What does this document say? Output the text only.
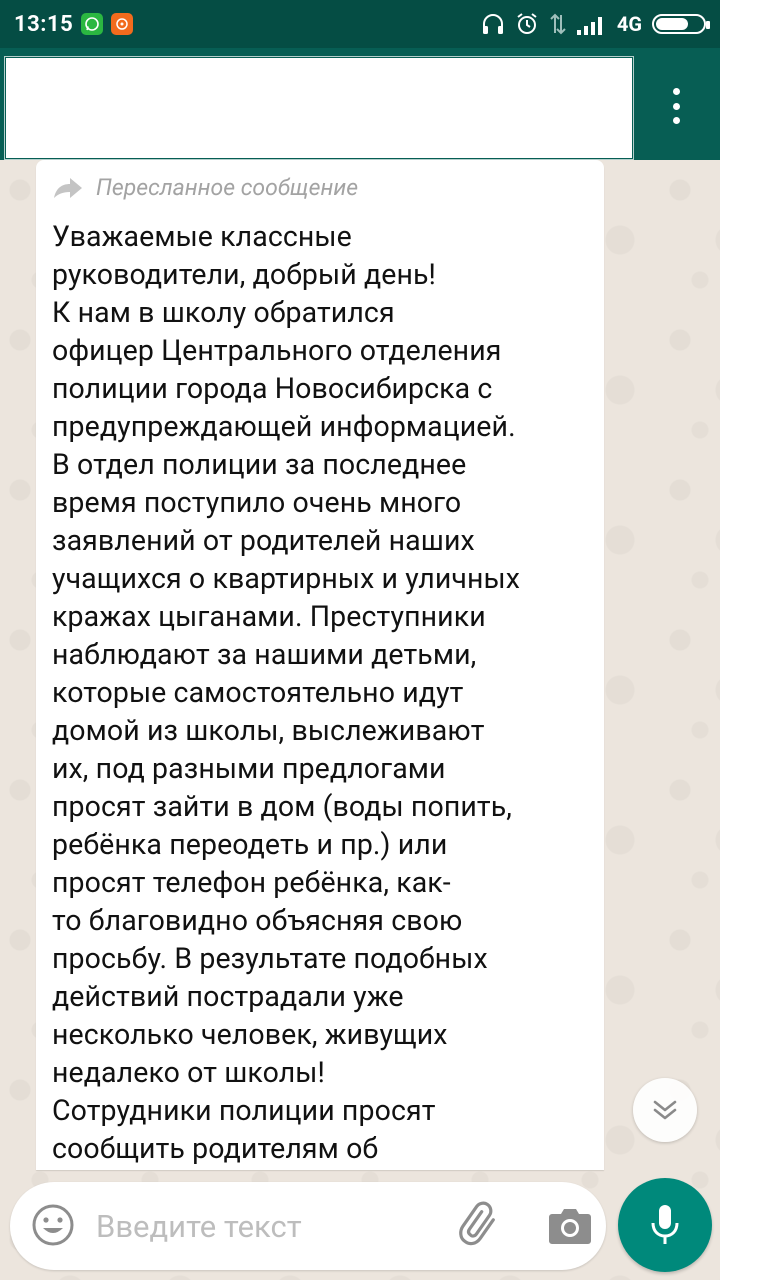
13:15	4G
Пересланное сообщение
Уважаемые классные
руководители, добрый день!
К нам в школу обратился
офицер Центрального отделения
полиции города Новосибирска с
предупреждающей информацией.
В отдел полиции за последнее
время поступило очень много
заявлений от родителей наших
учащихся о квартирных и уличных
кражах цыганами. Преступники
наблюдают за нашими детьми,
которые самостоятельно идут
домой из школы, выслеживают
их, под разными предлогами
просят зайти в дом (воды попить,
ребёнка переодеть и пр.) или
просят телефон ребёнка, как-
то благовидно объясняя свою
просьбу. В результате подобных
действий пострадали уже
несколько человек, живущих
недалеко от школы!
Сотрудники полиции просят
сообщить родителям об
Введите текст
